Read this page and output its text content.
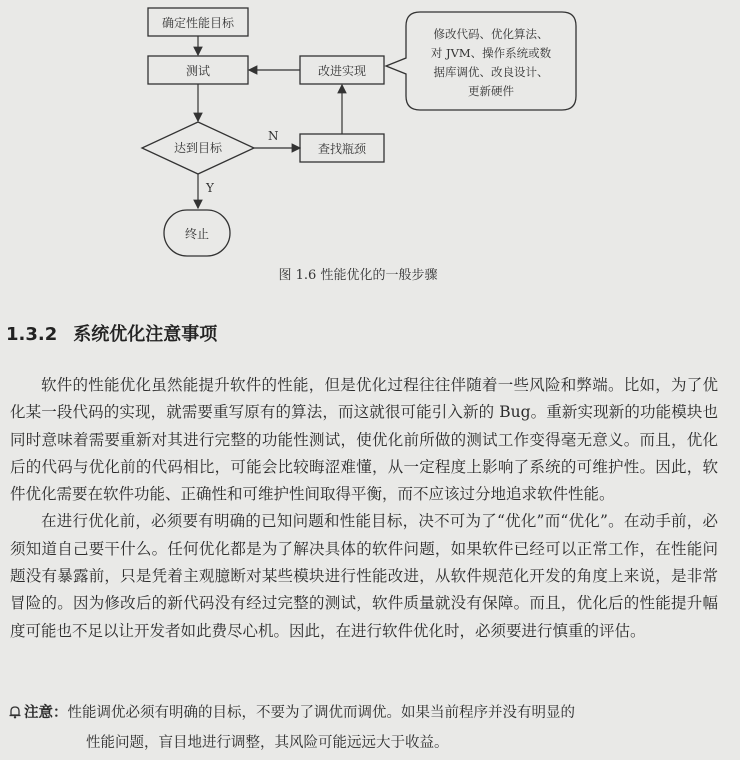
确定性能目标
测试
达到目标
N
查找瓶颈
改进实现
Y
终止
修改代码、优化算法、
对 JVM、操作系统或数
据库调优、改良设计、
更新硬件
图 1.6 性能优化的一般步骤
1.3.2 系统优化注意事项

软件的性能优化虽然能提升软件的性能，但是优化过程往往伴随着一些风险和弊端。比如，为了优化某一段代码的实现，就需要重写原有的算法，而这就很可能引入新的 Bug。重新实现新的功能模块也同时意味着需要重新对其进行完整的功能性测试，使优化前所做的测试工作变得毫无意义。而且，优化后的代码与优化前的代码相比，可能会比较晦涩难懂，从一定程度上影响了系统的可维护性。因此，软件优化需要在软件功能、正确性和可维护性间取得平衡，而不应该过分地追求软件性能。

在进行优化前，必须要有明确的已知问题和性能目标，决不可为了“优化”而“优化”。在动手前，必须知道自己要干什么。任何优化都是为了解决具体的软件问题，如果软件已经可以正常工作，在性能问题没有暴露前，只是凭着主观臆断对某些模块进行性能改进，从软件规范化开发的角度上来说，是非常冒险的。因为修改后的新代码没有经过完整的测试，软件质量就没有保障。而且，优化后的性能提升幅度可能也不足以让开发者如此费尽心机。因此，在进行软件优化时，必须要进行慎重的评估。

注意：性能调优必须有明确的目标，不要为了调优而调优。如果当前程序并没有明显的
性能问题，盲目地进行调整，其风险可能远远大于收益。
